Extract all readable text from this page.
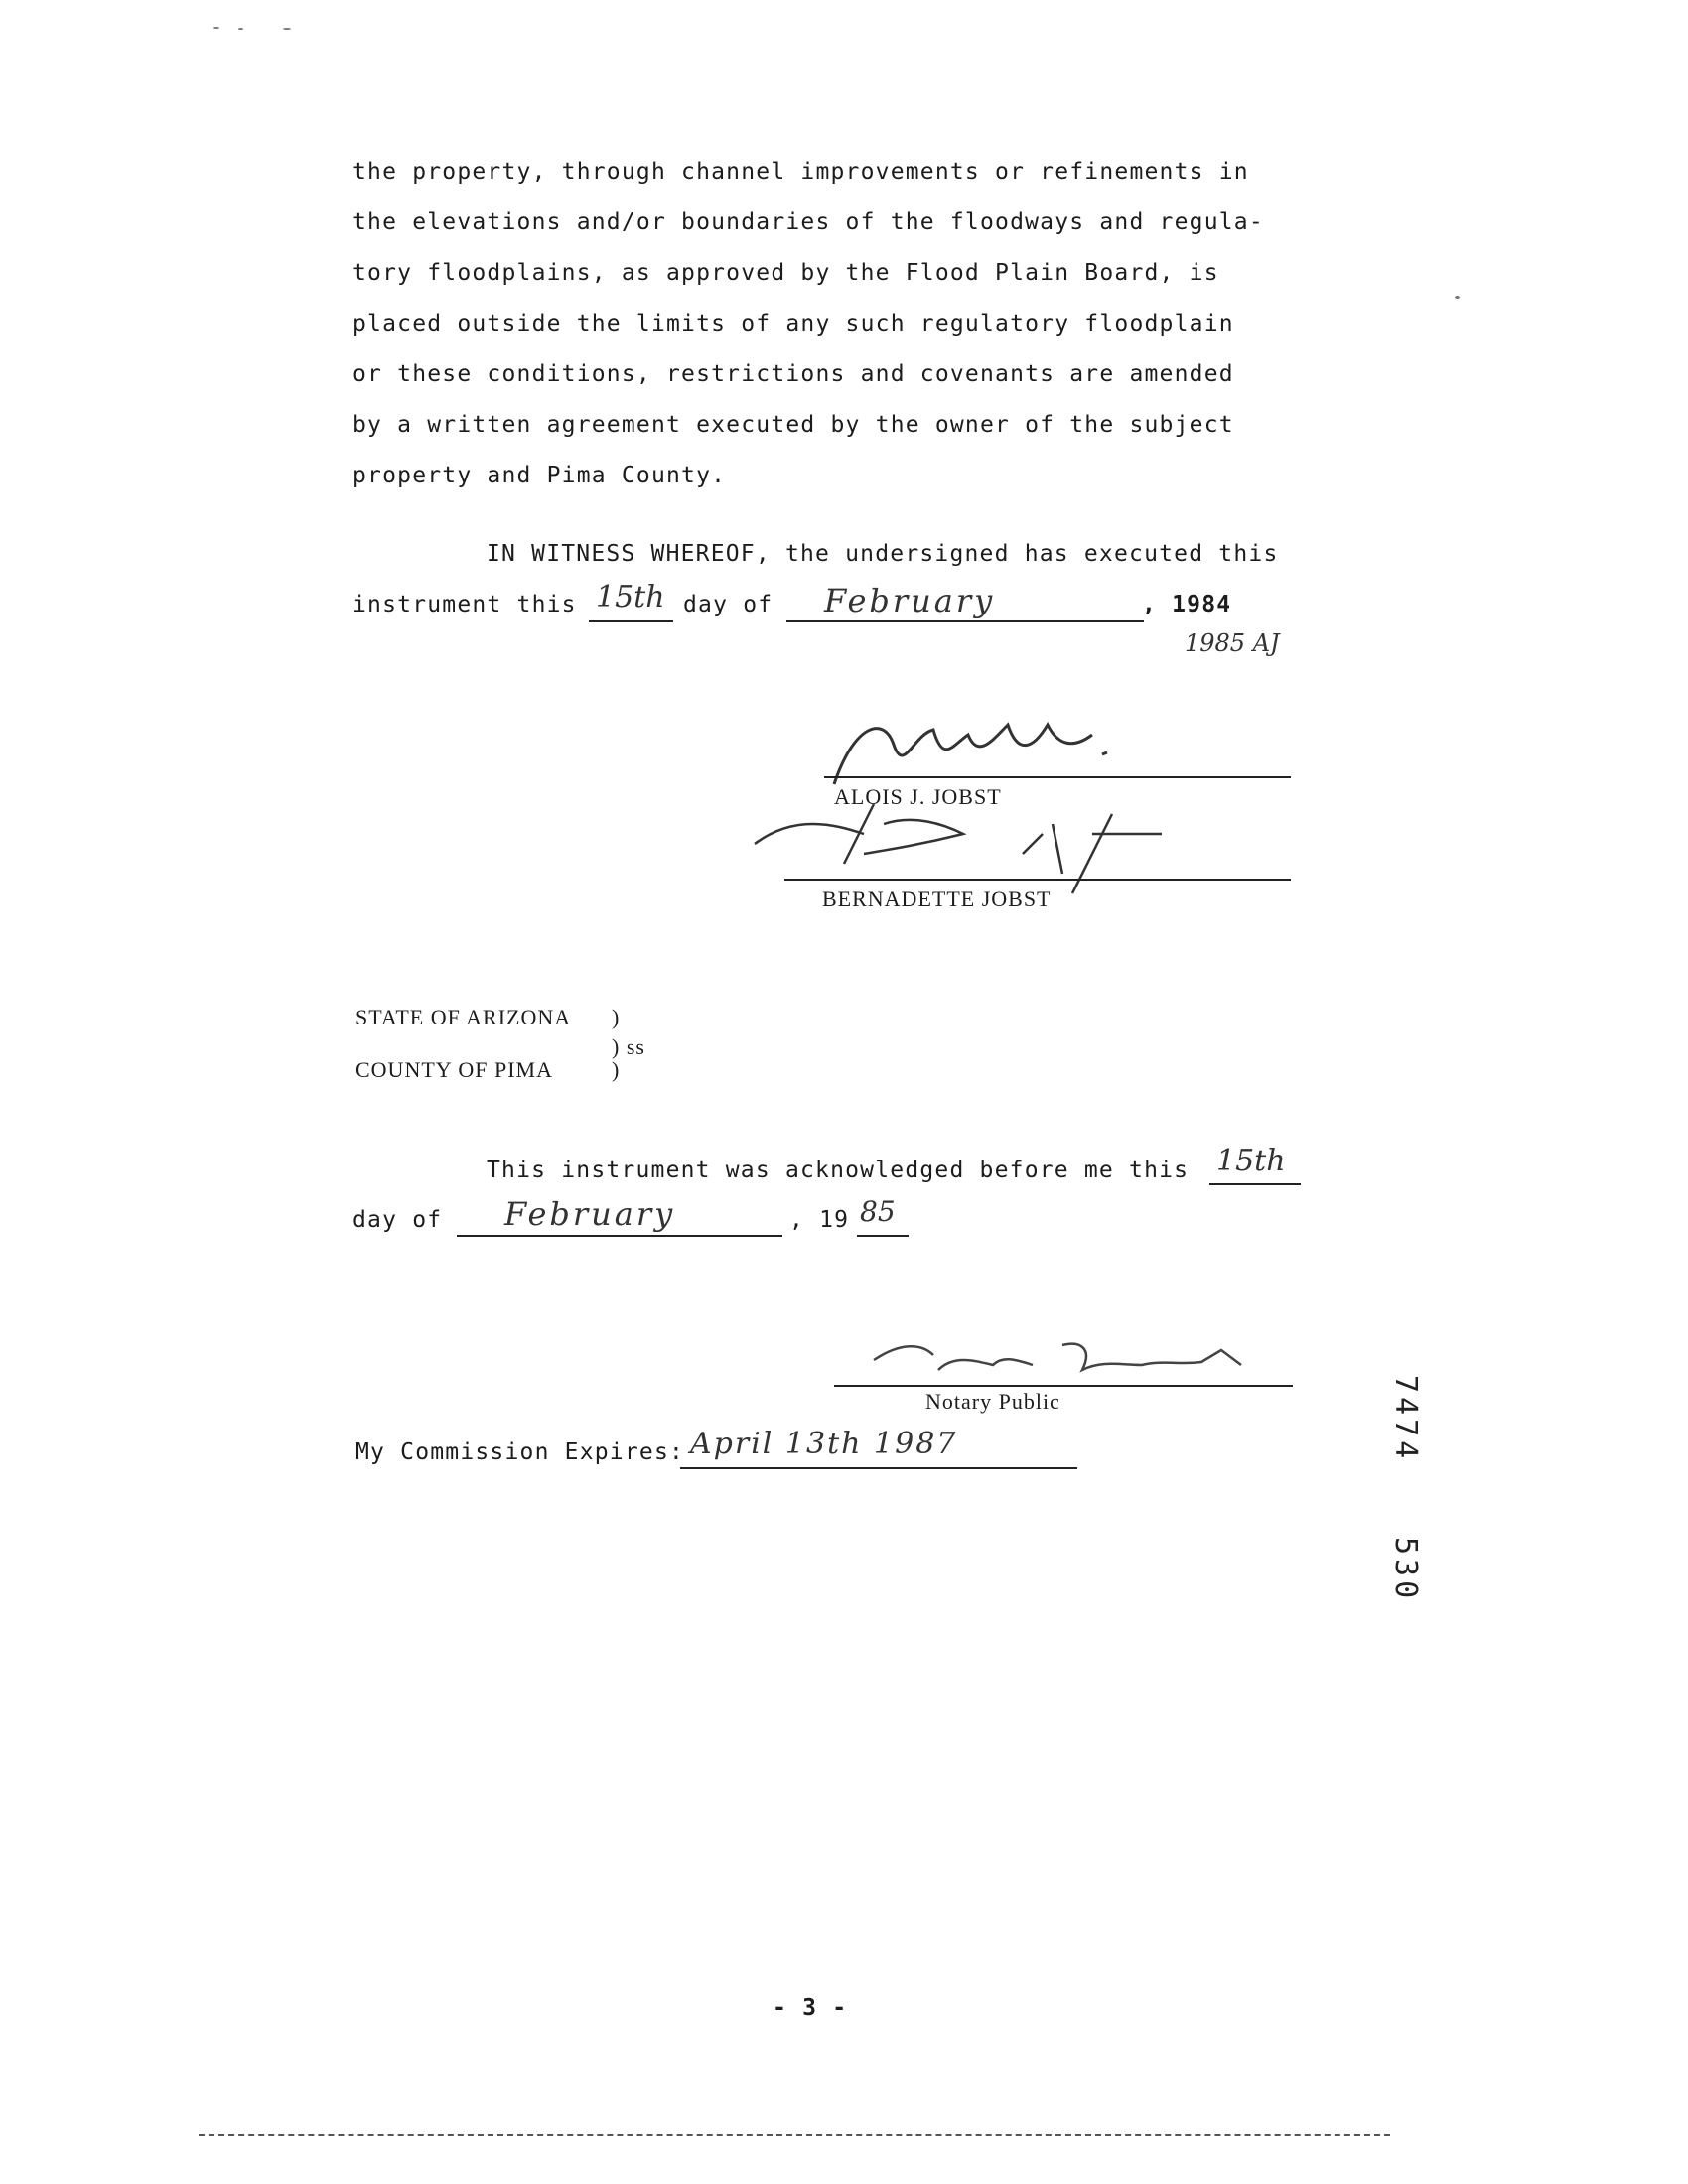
the property, through channel improvements or refinements in
the elevations and/or boundaries of the floodways and regula-
tory floodplains, as approved by the Flood Plain Board, is
placed outside the limits of any such regulatory floodplain
or these conditions, restrictions and covenants are amended
by a written agreement executed by the owner of the subject
property and Pima County.
IN WITNESS WHEREOF, the undersigned has executed this
instrument this 15th day of February	, 1984
1985 AJ
ALOIS J. JOBST
BERNADETTE JOBST
STATE OF ARIZONA )
) ss
COUNTY OF PIMA	)
This instrument was acknowledged before me this 15th
day of February	, 19 85
Notary Public
My Commission Expires: April 13th 1987	7474
530
- 3 -
